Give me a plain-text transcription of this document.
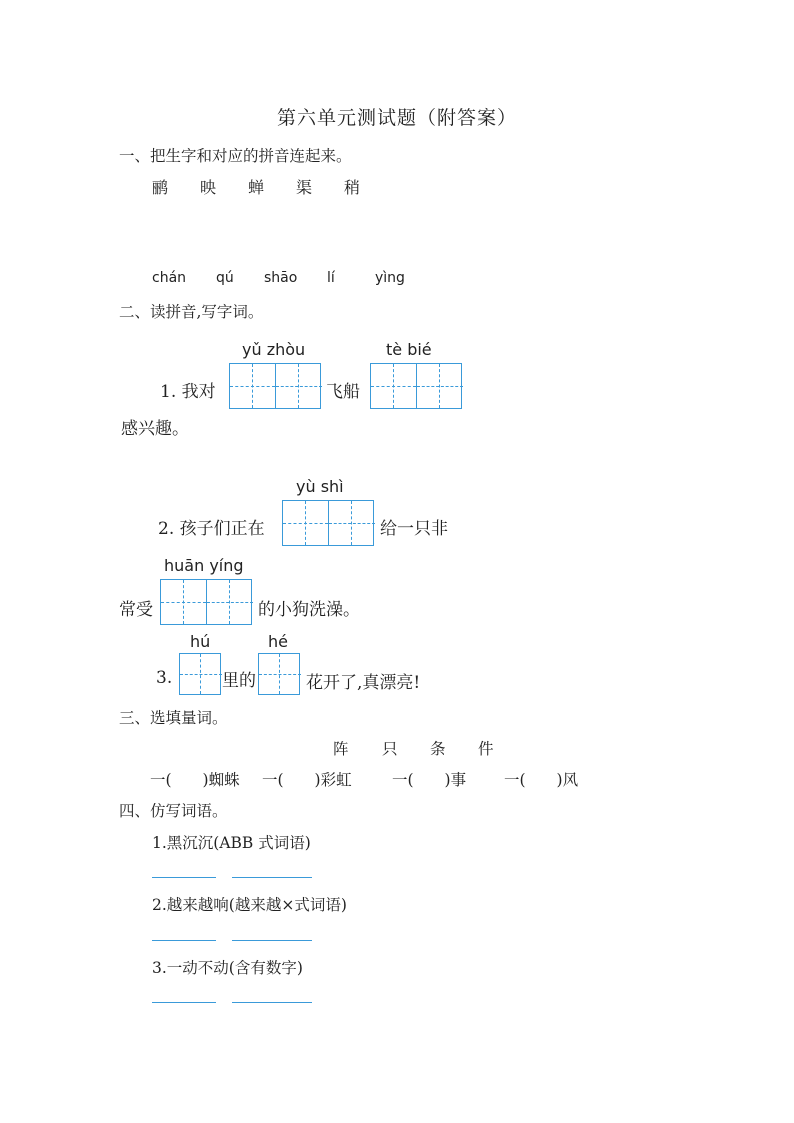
第六单元测试题（附答案）
一、把生字和对应的拼音连起来。
鹂 映 蝉 渠 稍
chán qú shāo lí	yìng
二、读拼音,写字词。
yǔ zhòu	tè bié
1. 我对	飞船
感兴趣。
yù shì
2. 孩子们正在	给一只非
huān yíng
常受	的小狗洗澡。
hú	hé
3.	里的	花开了,真漂亮!
三、选填量词。
阵 只 条 件
一(　　)蜘蛛 一(　　)彩虹	一(　　)事 一(　　)风
四、仿写词语。
1.黑沉沉(ABB 式词语)
2.越来越响(越来越×式词语)
3.一动不动(含有数字)
